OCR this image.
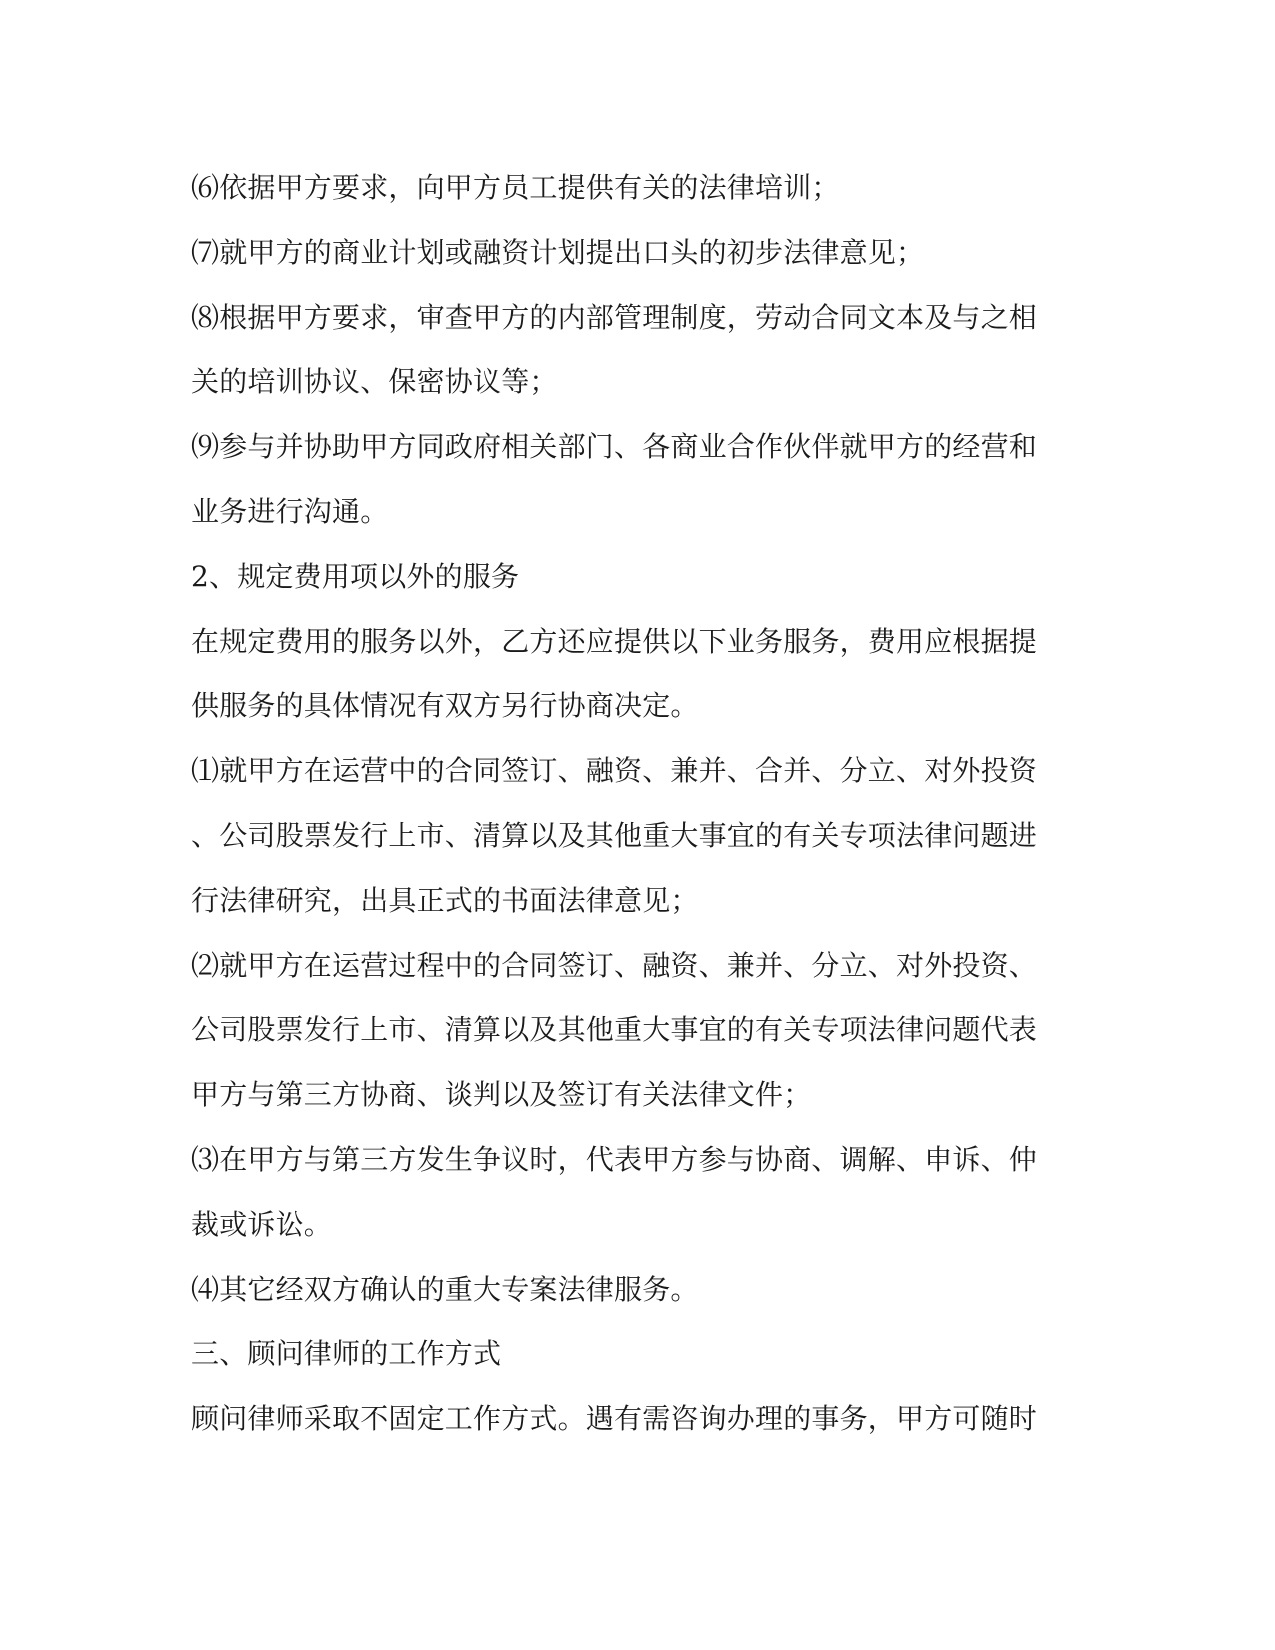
⑹依据甲方要求，向甲方员工提供有关的法律培训；
⑺就甲方的商业计划或融资计划提出口头的初步法律意见；
⑻根据甲方要求，审查甲方的内部管理制度，劳动合同文本及与之相
关的培训协议、保密协议等；
⑼参与并协助甲方同政府相关部门、各商业合作伙伴就甲方的经营和
业务进行沟通。
2、规定费用项以外的服务
在规定费用的服务以外，乙方还应提供以下业务服务，费用应根据提
供服务的具体情况有双方另行协商决定。
⑴就甲方在运营中的合同签订、融资、兼并、合并、分立、对外投资
、公司股票发行上市、清算以及其他重大事宜的有关专项法律问题进
行法律研究，出具正式的书面法律意见；
⑵就甲方在运营过程中的合同签订、融资、兼并、分立、对外投资、
公司股票发行上市、清算以及其他重大事宜的有关专项法律问题代表
甲方与第三方协商、谈判以及签订有关法律文件；
⑶在甲方与第三方发生争议时，代表甲方参与协商、调解、申诉、仲
裁或诉讼。
⑷其它经双方确认的重大专案法律服务。
三、顾问律师的工作方式
顾问律师采取不固定工作方式。遇有需咨询办理的事务，甲方可随时
